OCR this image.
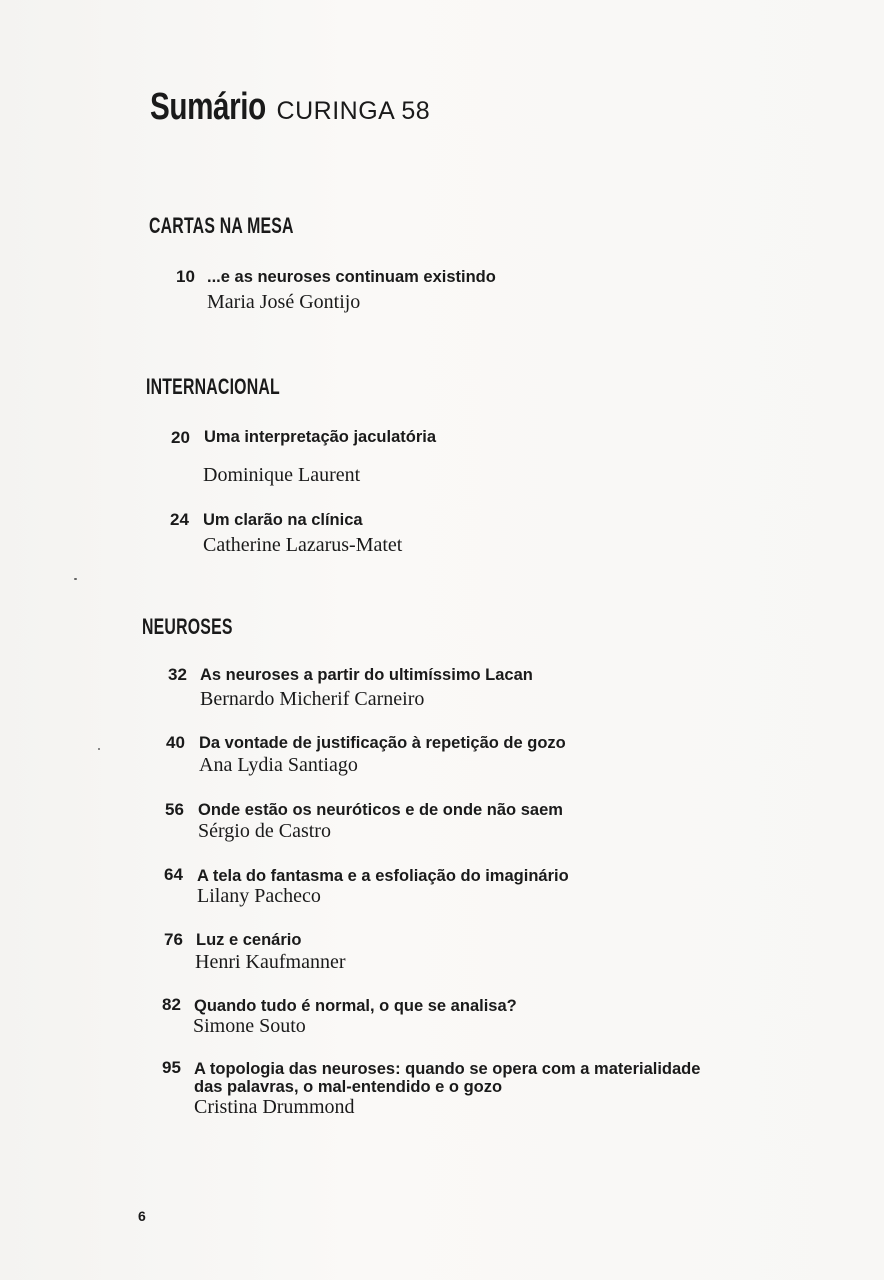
Sumário CURINGA 58
CARTAS NA MESA
10 ...e as neuroses continuam existindo
Maria José Gontijo
INTERNACIONAL
20 Uma interpretação jaculatória
Dominique Laurent
24 Um clarão na clínica
Catherine Lazarus-Matet
NEUROSES
32 As neuroses a partir do ultimíssimo Lacan
Bernardo Micherif Carneiro
40 Da vontade de justificação à repetição de gozo
Ana Lydia Santiago
56 Onde estão os neuróticos e de onde não saem
Sérgio de Castro
64 A tela do fantasma e a esfoliação do imaginário
Lilany Pacheco
76 Luz e cenário
Henri Kaufmanner
82 Quando tudo é normal, o que se analisa?
Simone Souto
95 A topologia das neuroses: quando se opera com a materialidade
das palavras, o mal-entendido e o gozo
Cristina Drummond
6
